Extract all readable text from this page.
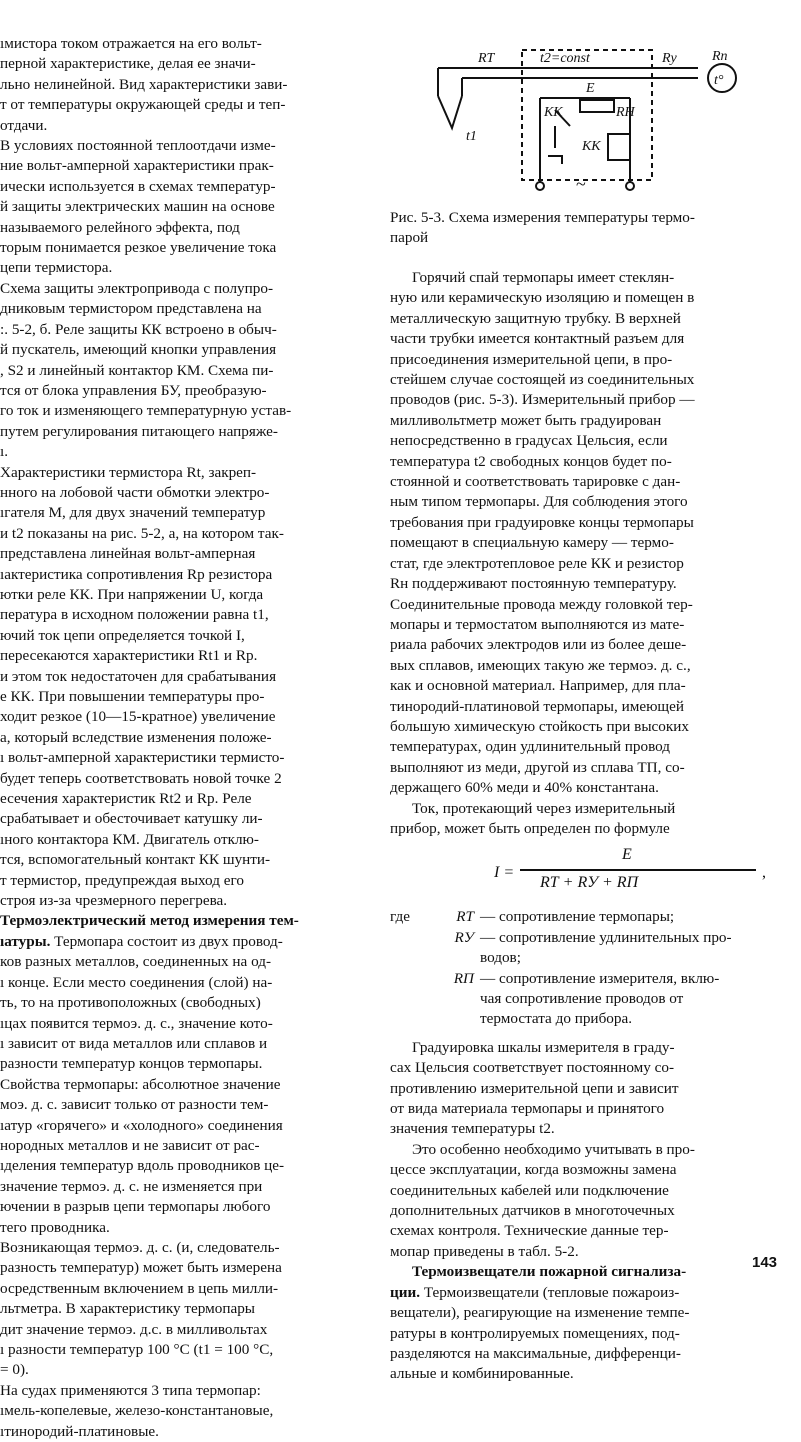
ıмистора током отражается на его вольт-
перной характеристике, делая ее значи-
льно нелинейной. Вид характеристики зави-
т от температуры окружающей среды и теп-
отдачи.

В условиях постоянной теплоотдачи изме-
ние вольт-амперной характеристики прак-
ически используется в схемах температур-
й защиты электрических машин на основе
называемого релейного эффекта, под
торым понимается резкое увеличение тока
цепи термистора.

Схема защиты электропривода с полупро-
дниковым термистором представлена на
:. 5-2, б. Реле защиты КК встроено в обыч-
й пускатель, имеющий кнопки управления
, S2 и линейный контактор КМ. Схема пи-
тся от блока управления БУ, преобразую-
го ток и изменяющего температурную устав-
путем регулирования питающего напряже-
ı.

Характеристики термистора Rt, закреп-
нного на лобовой части обмотки электро-
ıгателя М, для двух значений температур
и t2 показаны на рис. 5-2, а, на котором так-
представлена линейная вольт-амперная
ıактеристика сопротивления Rр резистора
ютки реле КК. При напряжении U, когда
пература в исходном положении равна t1,
ючий ток цепи определяется точкой I,
пересекаются характеристики Rt1 и Rр.
и этом ток недостаточен для срабатывания
е КК. При повышении температуры про-
ходит резкое (10—15-кратное) увеличение
а, который вследствие изменения положе-
ı вольт-амперной характеристики термисто-
будет теперь соответствовать новой точке 2
есечения характеристик Rt2 и Rр. Реле
срабатывает и обесточивает катушку ли-
ıного контактора КМ. Двигатель отклю-
тся, вспомогательный контакт КК шунти-
т термистор, предупреждая выход его
строя из-за чрезмерного перегрева.

Термоэлектрический метод измерения тем-
ıатуры. Термопара состоит из двух провод-
ков разных металлов, соединенных на од-
ı конце. Если место соединения (слой) на-
ть, то на противоположных (свободных)
ıцах появится термоэ. д. с., значение кото-
ı зависит от вида металлов или сплавов и
разности температур концов термопары.

Свойства термопары: абсолютное значение
моэ. д. с. зависит только от разности тем-
ıатур «горячего» и «холодного» соединения
нородных металлов и не зависит от рас-
ıделения температур вдоль проводников це-
значение термоэ. д. с. не изменяется при
ючении в разрыв цепи термопары любого
тего проводника.

Возникающая термоэ. д. с. (и, следователь-
разность температур) может быть измерена
осредственным включением в цепь милли-
льтметра. В характеристику термопары
дит значение термоэ. д.с. в милливольтах
ı разности температур 100 °С (t1 = 100 °С,
= 0).

На судах применяются 3 типа термопар:
ıмель-копелевые, железо-константановые,
ıтинородий-платиновые.

RТ	t2=const	Rу	Rп
t°
E
КК	RН
КК
t1
~
Рис. 5-3. Схема измерения температуры термо-
парой

Горячий спай термопары имеет стеклян-
ную или керамическую изоляцию и помещен в
металлическую защитную трубку. В верхней
части трубки имеется контактный разъем для
присоединения измерительной цепи, в про-
стейшем случае состоящей из соединительных
проводов (рис. 5-3). Измерительный прибор —
милливольтметр может быть градуирован
непосредственно в градусах Цельсия, если
температура t2 свободных концов будет по-
стоянной и соответствовать тарировке с дан-
ным типом термопары. Для соблюдения этого
требования при градуировке концы термопары
помещают в специальную камеру — термо-
стат, где электротепловое реле КК и резистор
Rн поддерживают постоянную температуру.
Соединительные провода между головкой тер-
мопары и термостатом выполняются из мате-
риала рабочих электродов или из более деше-
вых сплавов, имеющих такую же термоэ. д. с.,
как и основной материал. Например, для пла-
тинородий-платиновой термопары, имеющей
большую химическую стойкость при высоких
температурах, один удлинительный провод
выполняют из меди, другой из сплава ТП, со-
держащего 60% меди и 40% константана.

Ток, протекающий через измерительный
прибор, может быть определен по формуле

I =
E
RТ + RУ + RП
,
где	RТ — сопротивление термопары;
RУ — сопротивление удлинительных про-
водов;
RП — сопротивление измерителя, вклю-
чая сопротивление проводов от
термостата до прибора.

Градуировка шкалы измерителя в граду-
сах Цельсия соответствует постоянному со-
противлению измерительной цепи и зависит
от вида материала термопары и принятого
значения температуры t2.

Это особенно необходимо учитывать в про-
цессе эксплуатации, когда возможны замена
соединительных кабелей или подключение
дополнительных датчиков в многоточечных
схемах контроля. Технические данные тер-
мопар приведены в табл. 5-2.

Термоизвещатели пожарной сигнализа-
ции. Термоизвещатели (тепловые пожароиз-
вещатели), реагирующие на изменение темпе-
ратуры в контролируемых помещениях, под-
разделяются на максимальные, дифференци-
альные и комбинированные.

143
